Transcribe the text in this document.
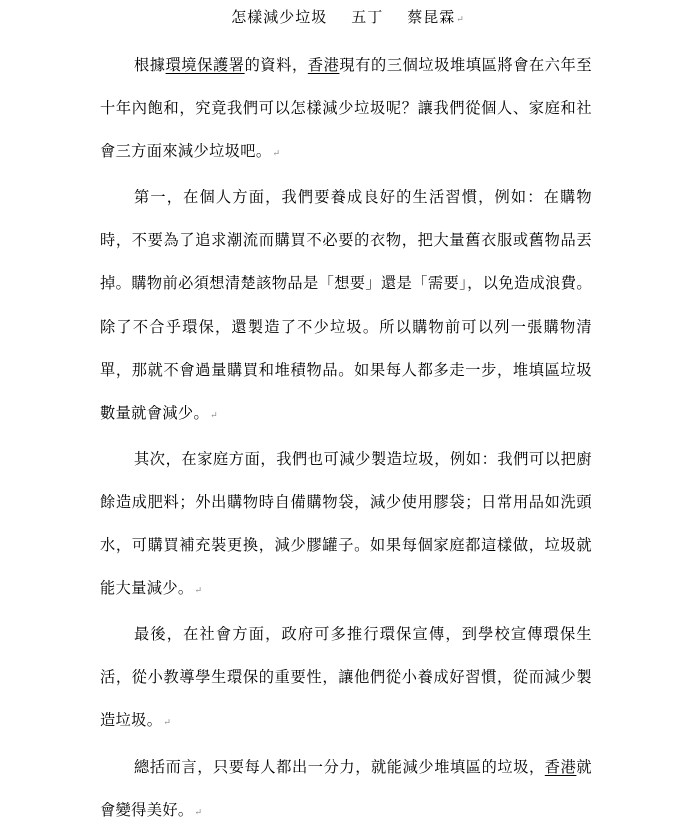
怎樣減少垃圾 五丁 蔡昆霖↵

根據環境保護署的資料，香港現有的三個垃圾堆填區將會在六年至十年內飽和，究竟我們可以怎樣減少垃圾呢？讓我們從個人、家庭和社會三方面來減少垃圾吧。↵

第一，在個人方面，我們要養成良好的生活習慣，例如：在購物時，不要為了追求潮流而購買不必要的衣物，把大量舊衣服或舊物品丟掉。購物前必須想清楚該物品是「想要」還是「需要」，以免造成浪費。除了不合乎環保，還製造了不少垃圾。所以購物前可以列一張購物清單，那就不會過量購買和堆積物品。如果每人都多走一步，堆填區垃圾數量就會減少。↵

其次，在家庭方面，我們也可減少製造垃圾，例如：我們可以把廚餘造成肥料；外出購物時自備購物袋，減少使用膠袋；日常用品如洗頭水，可購買補充裝更換，減少膠罐子。如果每個家庭都這樣做，垃圾就能大量減少。↵

最後，在社會方面，政府可多推行環保宣傳，到學校宣傳環保生活，從小教導學生環保的重要性，讓他們從小養成好習慣，從而減少製造垃圾。↵

總括而言，只要每人都出一分力，就能減少堆填區的垃圾，香港就會變得美好。↵
